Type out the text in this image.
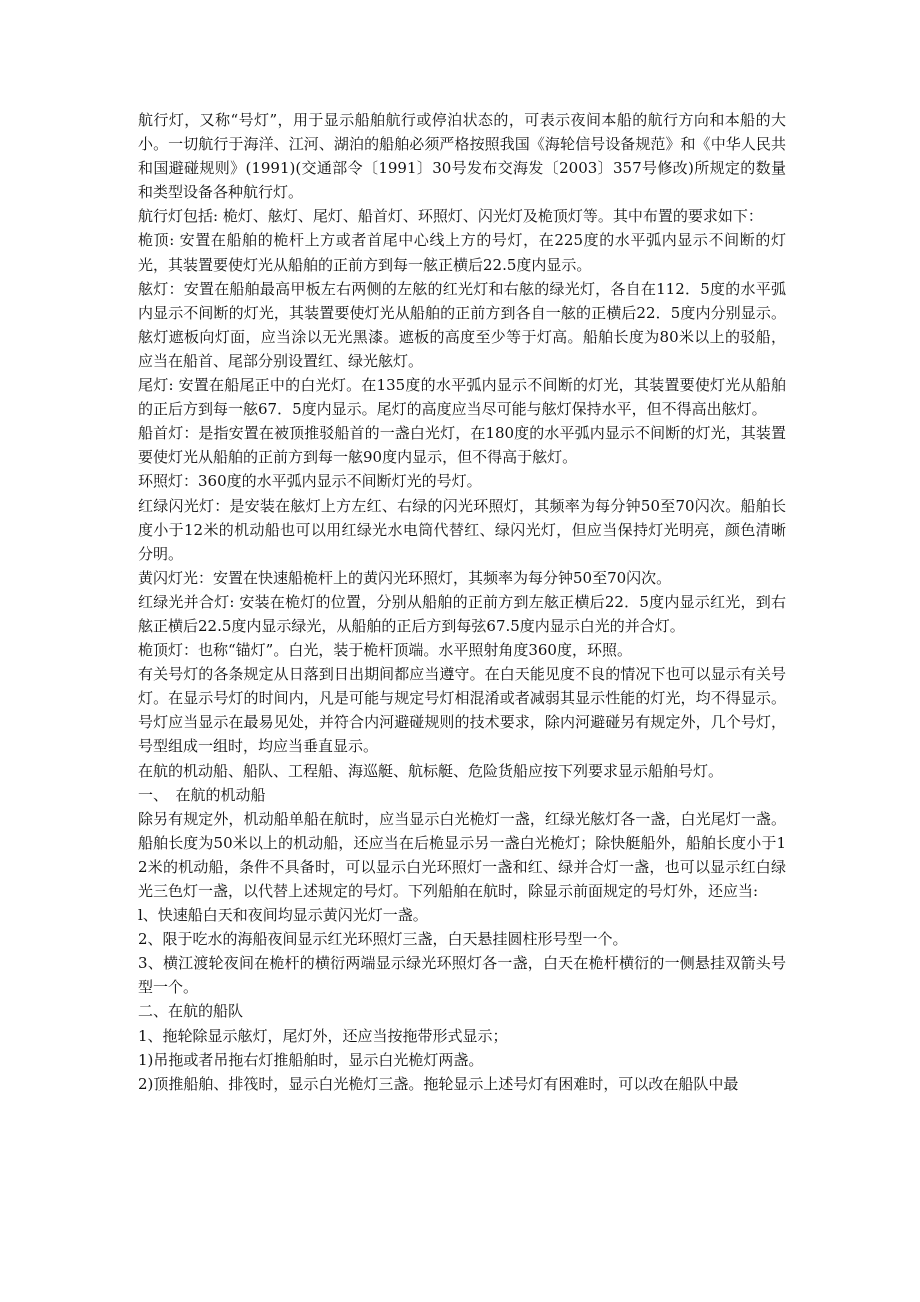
航行灯，又称“号灯”，用于显示船舶航行或停泊状态的，可表示夜间本船的航行方向和本船的大小。一切航行于海洋、江河、湖泊的船舶必须严格按照我国《海轮信号设备规范》和《中华人民共和国避碰规则》(1991)(交通部令〔1991〕30号发布交海发〔2003〕357号修改)所规定的数量和类型设备各种航行灯。

航行灯包括: 桅灯、舷灯、尾灯、船首灯、环照灯、闪光灯及桅顶灯等。其中布置的要求如下：

桅顶: 安置在船舶的桅杆上方或者首尾中心线上方的号灯，在225度的水平弧内显示不间断的灯光，其装置要使灯光从船舶的正前方到每一舷正横后22.5度内显示。

舷灯：安置在船舶最高甲板左右两侧的左舷的红光灯和右舷的绿光灯，各自在112．5度的水平弧内显示不间断的灯光，其装置要使灯光从船舶的正前方到各自一舷的正横后22．5度内分别显示。舷灯遮板向灯面，应当涂以无光黑漆。遮板的高度至少等于灯高。船舶长度为80米以上的驳船，应当在船首、尾部分别设置红、绿光舷灯。

尾灯: 安置在船尾正中的白光灯。在135度的水平弧内显示不间断的灯光，其装置要使灯光从船舶的正后方到每一舷67．5度内显示。尾灯的高度应当尽可能与舷灯保持水平，但不得高出舷灯。

船首灯：是指安置在被顶推驳船首的一盏白光灯，在180度的水平弧内显示不间断的灯光，其装置要使灯光从船舶的正前方到每一舷90度内显示，但不得高于舷灯。

环照灯：360度的水平弧内显示不间断灯光的号灯。

红绿闪光灯：是安装在舷灯上方左红、右绿的闪光环照灯，其频率为每分钟50至70闪次。船舶长度小于12米的机动船也可以用红绿光水电筒代替红、绿闪光灯，但应当保持灯光明亮，颜色清晰分明。

黄闪灯光：安置在快速船桅杆上的黄闪光环照灯，其频率为每分钟50至70闪次。

红绿光并合灯: 安装在桅灯的位置，分别从船舶的正前方到左舷正横后22．5度内显示红光，到右舷正横后22.5度内显示绿光，从船舶的正后方到每弦67.5度内显示白光的并合灯。

桅顶灯：也称“锚灯”。白光，装于桅杆顶端。水平照射角度360度，环照。

有关号灯的各条规定从日落到日出期间都应当遵守。在白天能见度不良的情况下也可以显示有关号灯。在显示号灯的时间内，凡是可能与规定号灯相混淆或者减弱其显示性能的灯光，均不得显示。号灯应当显示在最易见处，并符合内河避碰规则的技术要求，除内河避碰另有规定外，几个号灯，号型组成一组时，均应当垂直显示。

在航的机动船、船队、工程船、海巡艇、航标艇、危险货船应按下列要求显示船舶号灯。

一、　在航的机动船

除另有规定外，机动船单船在航时，应当显示白光桅灯一盏，红绿光舷灯各一盏，白光尾灯一盏。船舶长度为50米以上的机动船，还应当在后桅显示另一盏白光桅灯；除快艇船外，船舶长度小于12米的机动船，条件不具备时，可以显示白光环照灯一盏和红、绿并合灯一盏，也可以显示红白绿光三色灯一盏，以代替上述规定的号灯。下列船舶在航时，除显示前面规定的号灯外，还应当:

l、快速船白天和夜间均显示黄闪光灯一盏。

2、限于吃水的海船夜间显示红光环照灯三盏，白天悬挂圆柱形号型一个。

3、横江渡轮夜间在桅杆的横衍两端显示绿光环照灯各一盏，白天在桅杆横衍的一侧悬挂双箭头号型一个。

二、在航的船队

1、拖轮除显示舷灯，尾灯外，还应当按拖带形式显示；

1)吊拖或者吊拖右灯推船舶时，显示白光桅灯两盏。

2)顶推船舶、排筏时，显示白光桅灯三盏。拖轮显示上述号灯有困难时，可以改在船队中最
